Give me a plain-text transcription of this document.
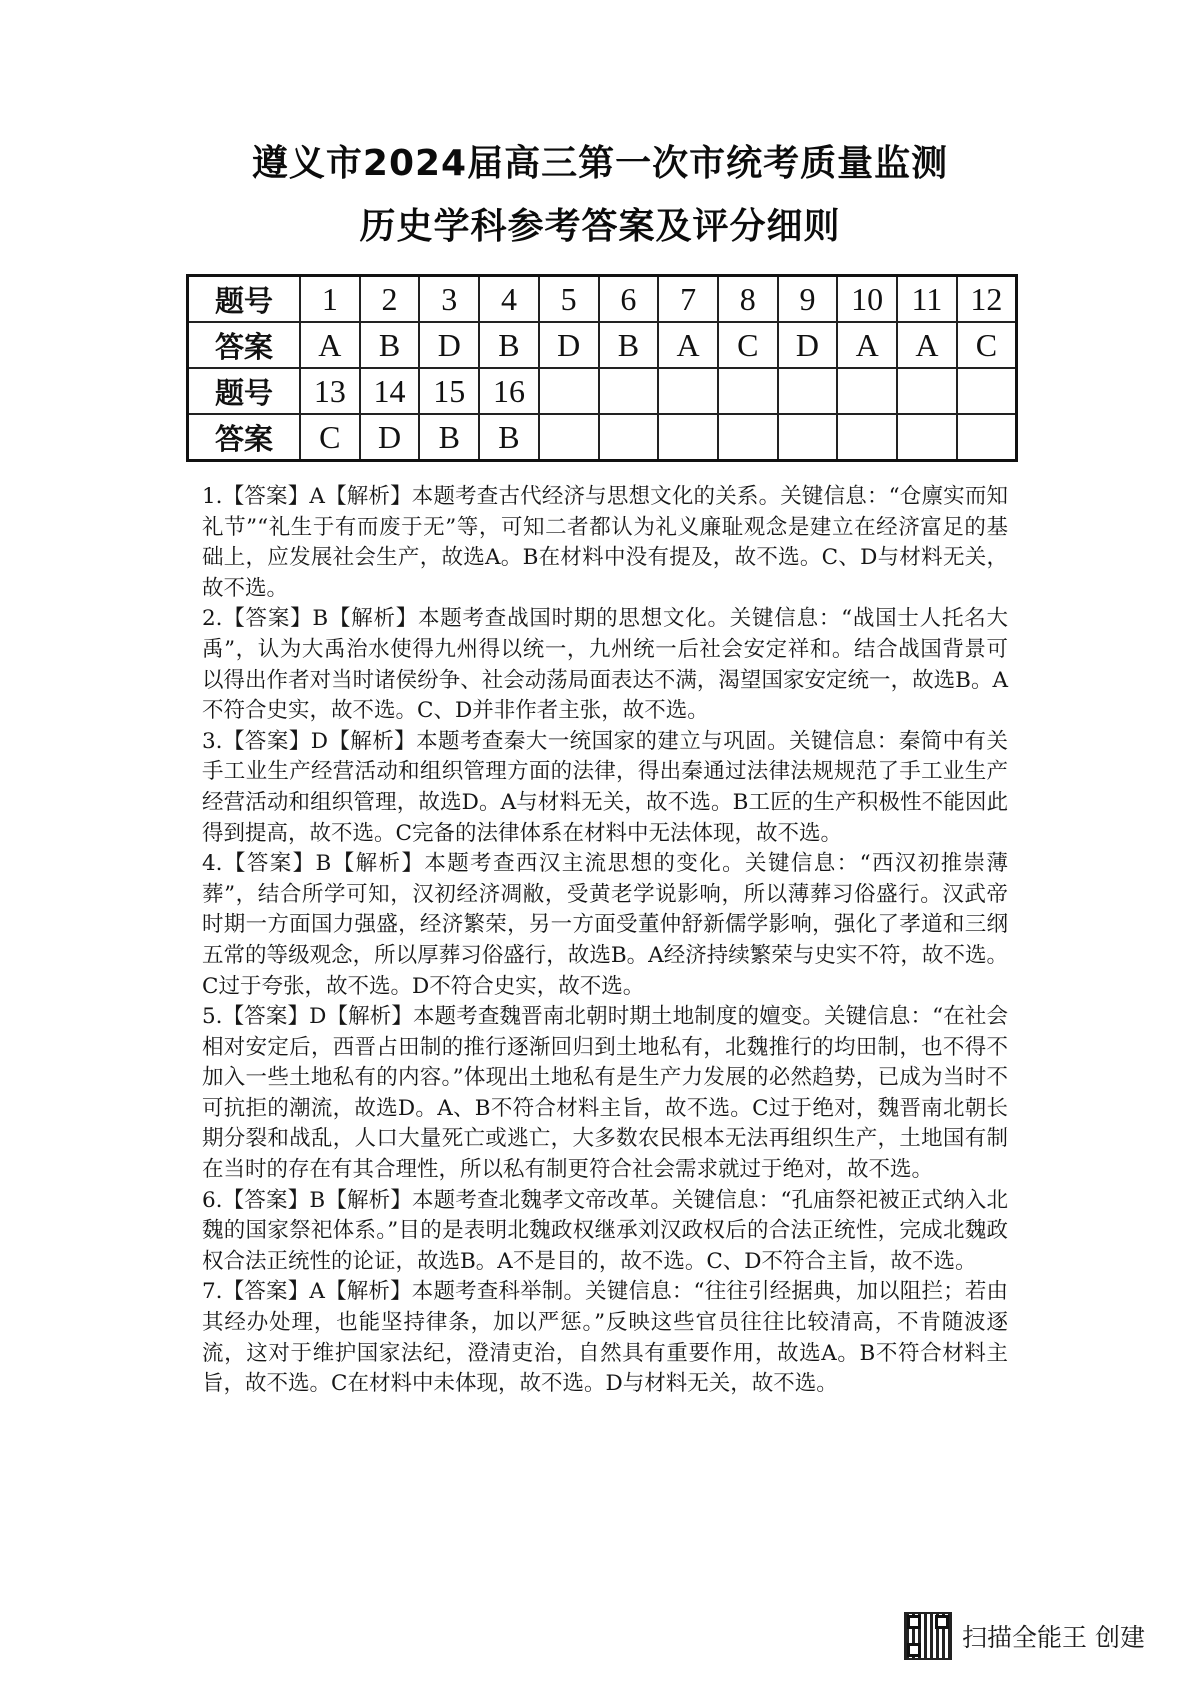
遵义市2024届高三第一次市统考质量监测
历史学科参考答案及评分细则
题号	1	2	3	4	5	6	7	8	9	10	11	12
答案	A	B	D	B	D	B	A	C	D	A	A	C
题号	13	14	15	16								
答案	C	D	B	B								

1.【答案】A【解析】本题考查古代经济与思想文化的关系。关键信息：“仓廪实而知礼节”“礼生于有而废于无”等，可知二者都认为礼义廉耻观念是建立在经济富足的基础上，应发展社会生产，故选A。B在材料中没有提及，故不选。C、D与材料无关，故不选。

2.【答案】B【解析】本题考查战国时期的思想文化。关键信息：“战国士人托名大禹”，认为大禹治水使得九州得以统一，九州统一后社会安定祥和。结合战国背景可以得出作者对当时诸侯纷争、社会动荡局面表达不满，渴望国家安定统一，故选B。A不符合史实，故不选。C、D并非作者主张，故不选。

3.【答案】D【解析】本题考查秦大一统国家的建立与巩固。关键信息：秦简中有关手工业生产经营活动和组织管理方面的法律，得出秦通过法律法规规范了手工业生产经营活动和组织管理，故选D。A与材料无关，故不选。B工匠的生产积极性不能因此得到提高，故不选。C完备的法律体系在材料中无法体现，故不选。

4.【答案】B【解析】本题考查西汉主流思想的变化。关键信息：“西汉初推崇薄葬”，结合所学可知，汉初经济凋敝，受黄老学说影响，所以薄葬习俗盛行。汉武帝时期一方面国力强盛，经济繁荣，另一方面受董仲舒新儒学影响，强化了孝道和三纲五常的等级观念，所以厚葬习俗盛行，故选B。A经济持续繁荣与史实不符，故不选。C过于夸张，故不选。D不符合史实，故不选。

5.【答案】D【解析】本题考查魏晋南北朝时期土地制度的嬗变。关键信息：“在社会相对安定后，西晋占田制的推行逐渐回归到土地私有，北魏推行的均田制，也不得不加入一些土地私有的内容。”体现出土地私有是生产力发展的必然趋势，已成为当时不可抗拒的潮流，故选D。A、B不符合材料主旨，故不选。C过于绝对，魏晋南北朝长期分裂和战乱，人口大量死亡或逃亡，大多数农民根本无法再组织生产，土地国有制在当时的存在有其合理性，所以私有制更符合社会需求就过于绝对，故不选。

6.【答案】B【解析】本题考查北魏孝文帝改革。关键信息：“孔庙祭祀被正式纳入北魏的国家祭祀体系。”目的是表明北魏政权继承刘汉政权后的合法正统性，完成北魏政权合法正统性的论证，故选B。A不是目的，故不选。C、D不符合主旨，故不选。

7.【答案】A【解析】本题考查科举制。关键信息：“往往引经据典，加以阻拦；若由其经办处理，也能坚持律条，加以严惩。”反映这些官员往往比较清高，不肯随波逐流，这对于维护国家法纪，澄清吏治，自然具有重要作用，故选A。B不符合材料主旨，故不选。C在材料中未体现，故不选。D与材料无关，故不选。

扫描全能王 创建
